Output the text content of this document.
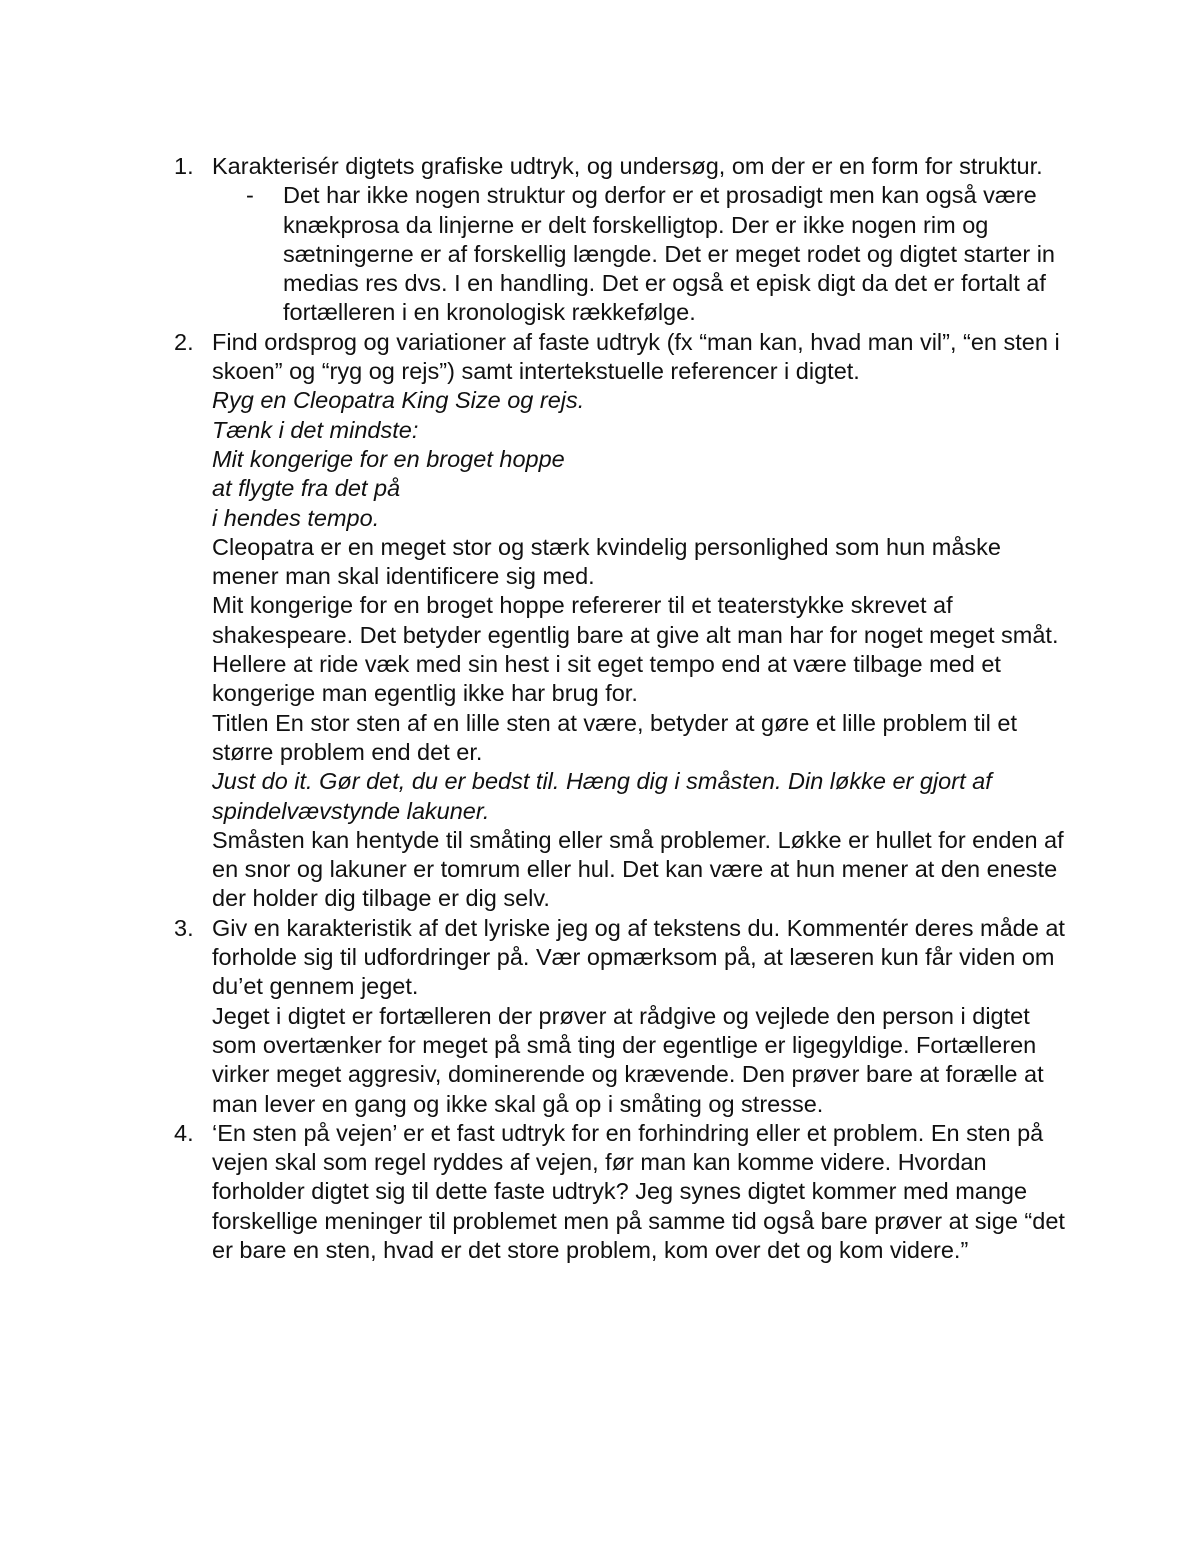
1. Karakterisér digtets grafiske udtryk, og undersøg, om der er en form for struktur.

-	Det har ikke nogen struktur og derfor er et prosadigt men kan også være knækprosa da linjerne er delt forskelligtop. Der er ikke nogen rim og sætningerne er af forskellig længde. Det er meget rodet og digtet starter in medias res dvs. I en handling. Det er også et episk digt da det er fortalt af fortælleren i en kronologisk rækkefølge.

2. Find ordsprog og variationer af faste udtryk (fx “man kan, hvad man vil”, “en sten i skoen” og “ryg og rejs”) samt intertekstuelle referencer i digtet.

Ryg en Cleopatra King Size og rejs.

Tænk i det mindste:

Mit kongerige for en broget hoppe

at flygte fra det på

i hendes tempo.

Cleopatra er en meget stor og stærk kvindelig personlighed som hun måske mener man skal identificere sig med.

Mit kongerige for en broget hoppe refererer til et teaterstykke skrevet af shakespeare. Det betyder egentlig bare at give alt man har for noget meget småt.

Hellere at ride væk med sin hest i sit eget tempo end at være tilbage med et kongerige man egentlig ikke har brug for.

Titlen En stor sten af en lille sten at være, betyder at gøre et lille problem til et større problem end det er.

Just do it. Gør det, du er bedst til. Hæng dig i småsten. Din løkke er gjort af spindelvævstynde lakuner.

Småsten kan hentyde til småting eller små problemer. Løkke er hullet for enden af en snor og lakuner er tomrum eller hul. Det kan være at hun mener at den eneste der holder dig tilbage er dig selv.

3. Giv en karakteristik af det lyriske jeg og af tekstens du. Kommentér deres måde at forholde sig til udfordringer på. Vær opmærksom på, at læseren kun får viden om du’et gennem jeget.

Jeget i digtet er fortælleren der prøver at rådgive og vejlede den person i digtet som overtænker for meget på små ting der egentlige er ligegyldige. Fortælleren virker meget aggresiv, dominerende og krævende. Den prøver bare at forælle at man lever en gang og ikke skal gå op i småting og stresse.

4. ‘En sten på vejen’ er et fast udtryk for en forhindring eller et problem. En sten på vejen skal som regel ryddes af vejen, før man kan komme videre. Hvordan forholder digtet sig til dette faste udtryk? Jeg synes digtet kommer med mange forskellige meninger til problemet men på samme tid også bare prøver at sige “det er bare en sten, hvad er det store problem, kom over det og kom videre.”
